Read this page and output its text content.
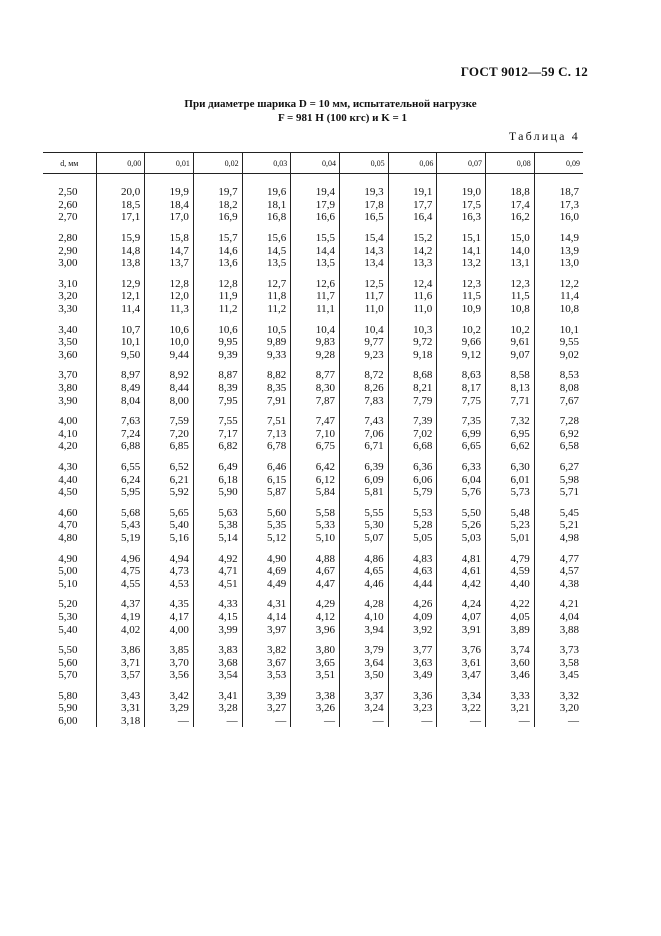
ГОСТ 9012—59 С. 12
При диаметре шарика D = 10 мм, испытательной нагрузке
F = 981 Н (100 кгс) и K = 1
Таблица 4
d, мм	0,00	0,01	0,02	0,03	0,04	0,05	0,06	0,07	0,08	0,09

2,50	20,0	19,9	19,7	19,6	19,4	19,3	19,1	19,0	18,8	18,7
2,60	18,5	18,4	18,2	18,1	17,9	17,8	17,7	17,5	17,4	17,3
2,70	17,1	17,0	16,9	16,8	16,6	16,5	16,4	16,3	16,2	16,0

2,80	15,9	15,8	15,7	15,6	15,5	15,4	15,2	15,1	15,0	14,9
2,90	14,8	14,7	14,6	14,5	14,4	14,3	14,2	14,1	14,0	13,9
3,00	13,8	13,7	13,6	13,5	13,5	13,4	13,3	13,2	13,1	13,0

3,10	12,9	12,8	12,8	12,7	12,6	12,5	12,4	12,3	12,3	12,2
3,20	12,1	12,0	11,9	11,8	11,7	11,7	11,6	11,5	11,5	11,4
3,30	11,4	11,3	11,2	11,2	11,1	11,0	11,0	10,9	10,8	10,8

3,40	10,7	10,6	10,6	10,5	10,4	10,4	10,3	10,2	10,2	10,1
3,50	10,1	10,0	9,95	9,89	9,83	9,77	9,72	9,66	9,61	9,55
3,60	9,50	9,44	9,39	9,33	9,28	9,23	9,18	9,12	9,07	9,02

3,70	8,97	8,92	8,87	8,82	8,77	8,72	8,68	8,63	8,58	8,53
3,80	8,49	8,44	8,39	8,35	8,30	8,26	8,21	8,17	8,13	8,08
3,90	8,04	8,00	7,95	7,91	7,87	7,83	7,79	7,75	7,71	7,67

4,00	7,63	7,59	7,55	7,51	7,47	7,43	7,39	7,35	7,32	7,28
4,10	7,24	7,20	7,17	7,13	7,10	7,06	7,02	6,99	6,95	6,92
4,20	6,88	6,85	6,82	6,78	6,75	6,71	6,68	6,65	6,62	6,58

4,30	6,55	6,52	6,49	6,46	6,42	6,39	6,36	6,33	6,30	6,27
4,40	6,24	6,21	6,18	6,15	6,12	6,09	6,06	6,04	6,01	5,98
4,50	5,95	5,92	5,90	5,87	5,84	5,81	5,79	5,76	5,73	5,71

4,60	5,68	5,65	5,63	5,60	5,58	5,55	5,53	5,50	5,48	5,45
4,70	5,43	5,40	5,38	5,35	5,33	5,30	5,28	5,26	5,23	5,21
4,80	5,19	5,16	5,14	5,12	5,10	5,07	5,05	5,03	5,01	4,98

4,90	4,96	4,94	4,92	4,90	4,88	4,86	4,83	4,81	4,79	4,77
5,00	4,75	4,73	4,71	4,69	4,67	4,65	4,63	4,61	4,59	4,57
5,10	4,55	4,53	4,51	4,49	4,47	4,46	4,44	4,42	4,40	4,38

5,20	4,37	4,35	4,33	4,31	4,29	4,28	4,26	4,24	4,22	4,21
5,30	4,19	4,17	4,15	4,14	4,12	4,10	4,09	4,07	4,05	4,04
5,40	4,02	4,00	3,99	3,97	3,96	3,94	3,92	3,91	3,89	3,88

5,50	3,86	3,85	3,83	3,82	3,80	3,79	3,77	3,76	3,74	3,73
5,60	3,71	3,70	3,68	3,67	3,65	3,64	3,63	3,61	3,60	3,58
5,70	3,57	3,56	3,54	3,53	3,51	3,50	3,49	3,47	3,46	3,45

5,80	3,43	3,42	3,41	3,39	3,38	3,37	3,36	3,34	3,33	3,32
5,90	3,31	3,29	3,28	3,27	3,26	3,24	3,23	3,22	3,21	3,20
6,00	3,18	—	—	—	—	—	—	—	—	—
